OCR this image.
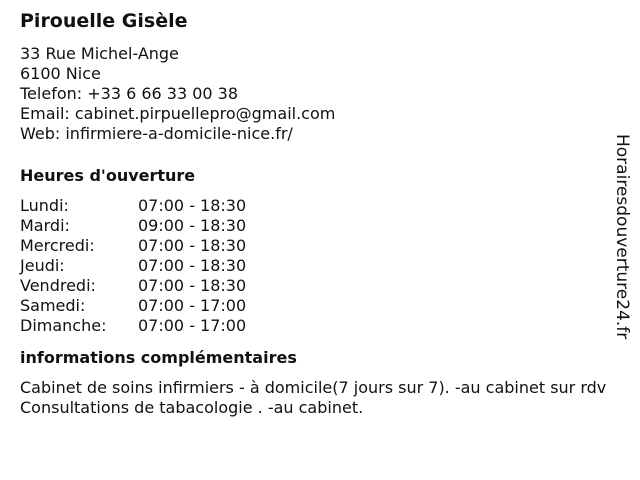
Pirouelle Gisèle
33 Rue Michel-Ange
6100 Nice
Telefon: +33 6 66 33 00 38
Email: cabinet.pirpuellepro@gmail.com
Web: infirmiere-a-domicile-nice.fr/
Heures d'ouverture
Lundi:	07:00 - 18:30
Mardi:	09:00 - 18:30
Mercredi:	07:00 - 18:30
Jeudi:	07:00 - 18:30
Vendredi:	07:00 - 18:30
Samedi:	07:00 - 17:00
Dimanche:	07:00 - 17:00
informations complémentaires
Cabinet de soins infirmiers - à domicile(7 jours sur 7). -au cabinet sur rdv Consultations de tabacologie . -au cabinet.
Horairesdouverture24.fr
